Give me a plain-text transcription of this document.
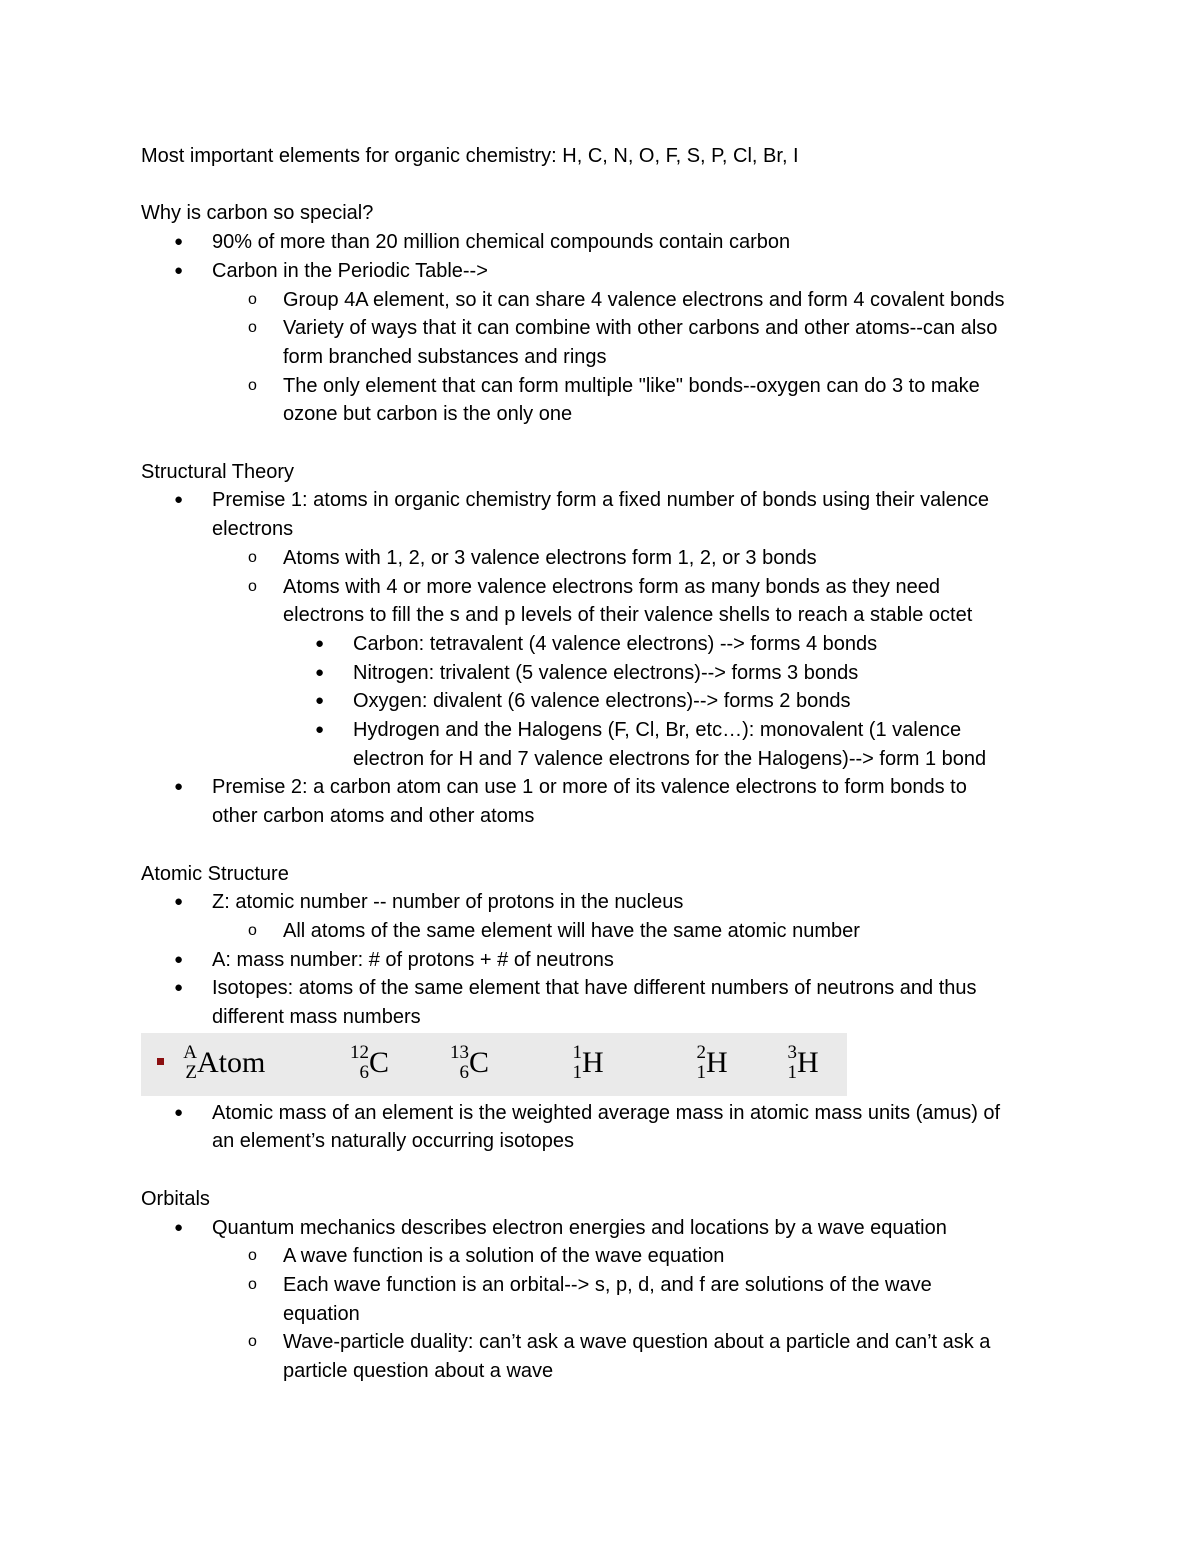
Most important elements for organic chemistry: H, C, N, O, F, S, P, Cl, Br, I
Why is carbon so special?
● 90% of more than 20 million chemical compounds contain carbon
● Carbon in the Periodic Table-->
o Group 4A element, so it can share 4 valence electrons and form 4 covalent bonds
o Variety of ways that it can combine with other carbons and other atoms--can also
form branched substances and rings
o The only element that can form multiple "like" bonds--oxygen can do 3 to make
ozone but carbon is the only one
Structural Theory
● Premise 1: atoms in organic chemistry form a fixed number of bonds using their valence
electrons
o Atoms with 1, 2, or 3 valence electrons form 1, 2, or 3 bonds
o Atoms with 4 or more valence electrons form as many bonds as they need
electrons to fill the s and p levels of their valence shells to reach a stable octet
● Carbon: tetravalent (4 valence electrons) --> forms 4 bonds
● Nitrogen: trivalent (5 valence electrons)--> forms 3 bonds
● Oxygen: divalent (6 valence electrons)--> forms 2 bonds
● Hydrogen and the Halogens (F, Cl, Br, etc…): monovalent (1 valence
electron for H and 7 valence electrons for the Halogens)--> form 1 bond
● Premise 2: a carbon atom can use 1 or more of its valence electrons to form bonds to
other carbon atoms and other atoms
Atomic Structure
● Z: atomic number -- number of protons in the nucleus
o All atoms of the same element will have the same atomic number
● A: mass number: # of protons + # of neutrons
● Isotopes: atoms of the same element that have different numbers of neutrons and thus
different mass numbers
A
Z Atom	12
6 C	13
6 C	1
1 H	2
1 H	3
1 H
● Atomic mass of an element is the weighted average mass in atomic mass units (amus) of
an element’s naturally occurring isotopes
Orbitals
● Quantum mechanics describes electron energies and locations by a wave equation
o A wave function is a solution of the wave equation
o Each wave function is an orbital--> s, p, d, and f are solutions of the wave
equation
o Wave-particle duality: can’t ask a wave question about a particle and can’t ask a
particle question about a wave
